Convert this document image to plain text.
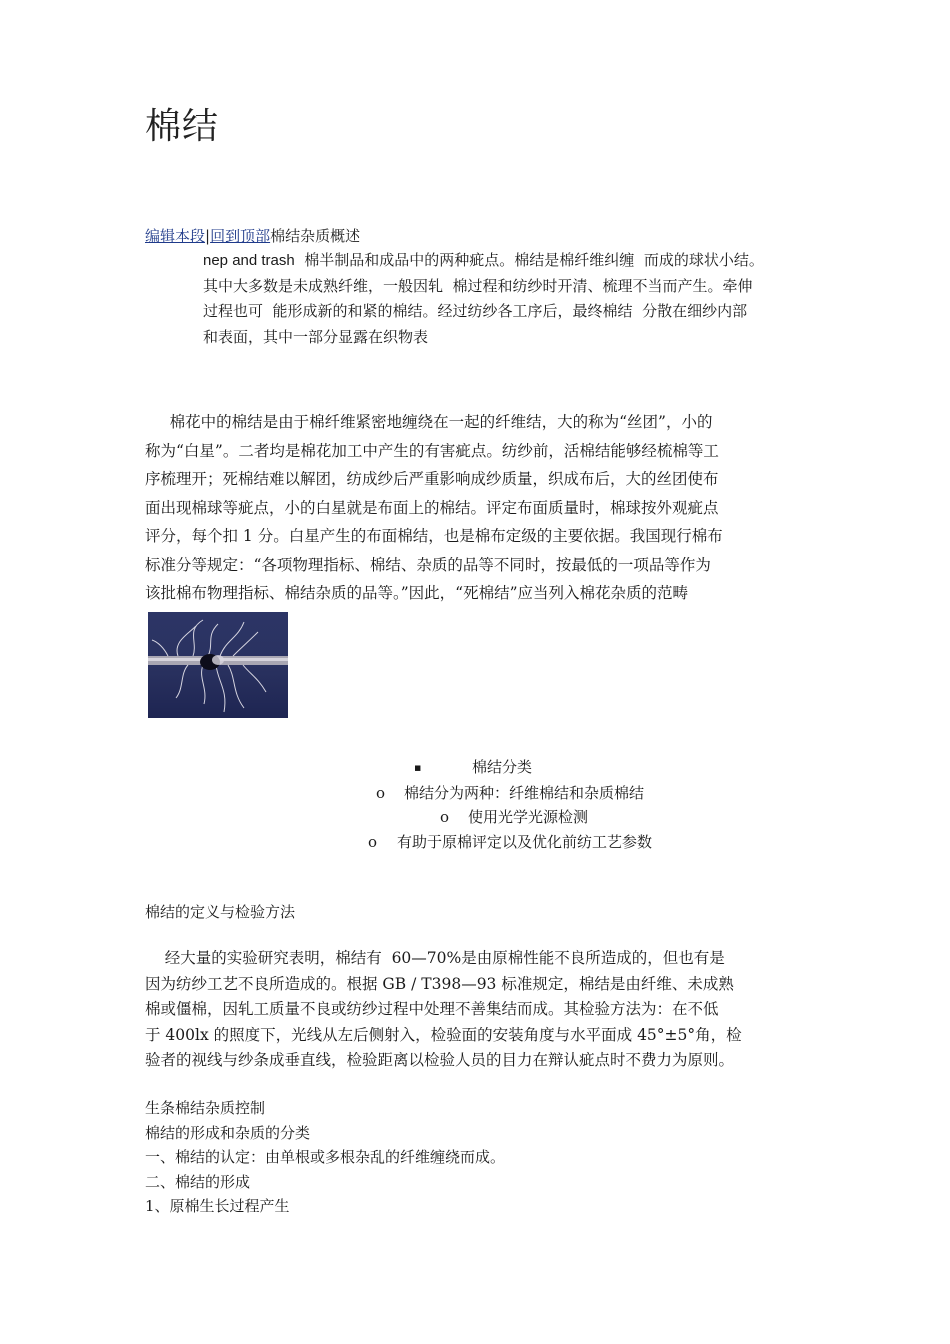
棉结
编辑本段|回到顶部棉结杂质概述
nep and trash  棉半制品和成品中的两种疵点。棉结是棉纤维纠缠  而成的球状小结。
其中大多数是未成熟纤维，一般因轧  棉过程和纺纱时开清、梳理不当而产生。牵伸
过程也可  能形成新的和紧的棉结。经过纺纱各工序后，最终棉结  分散在细纱内部
和表面，其中一部分显露在织物表
棉花中的棉结是由于棉纤维紧密地缠绕在一起的纤维结，大的称为“丝团”，小的
称为“白星”。二者均是棉花加工中产生的有害疵点。纺纱前，活棉结能够经梳棉等工
序梳理开；死棉结难以解团，纺成纱后严重影响成纱质量，织成布后，大的丝团使布
面出现棉球等疵点，小的白星就是布面上的棉结。评定布面质量时，棉球按外观疵点
评分，每个扣 1 分。白星产生的布面棉结，也是棉布定级的主要依据。我国现行棉布
标准分等规定：“各项物理指标、棉结、杂质的品等不同时，按最低的一项品等作为
该批棉布物理指标、棉结杂质的品等。”因此，“死棉结”应当列入棉花杂质的范畴
▪	棉结分类
o 棉结分为两种：纤维棉结和杂质棉结
o 使用光学光源检测
o 有助于原棉评定以及优化前纺工艺参数
棉结的定义与检验方法
经大量的实验研究表明，棉结有  60—70%是由原棉性能不良所造成的，但也有是
因为纺纱工艺不良所造成的。根据 GB / T398—93 标准规定，棉结是由纤维、未成熟
棉或僵棉，因轧工质量不良或纺纱过程中处理不善集结而成。其检验方法为：在不低
于 400lx 的照度下，光线从左后侧射入，检验面的安装角度与水平面成 45°±5°角，检
验者的视线与纱条成垂直线，检验距离以检验人员的目力在辩认疵点时不费力为原则。
生条棉结杂质控制
棉结的形成和杂质的分类
一、棉结的认定：由单根或多根杂乱的纤维缠绕而成。
二、棉结的形成
1、原棉生长过程产生
